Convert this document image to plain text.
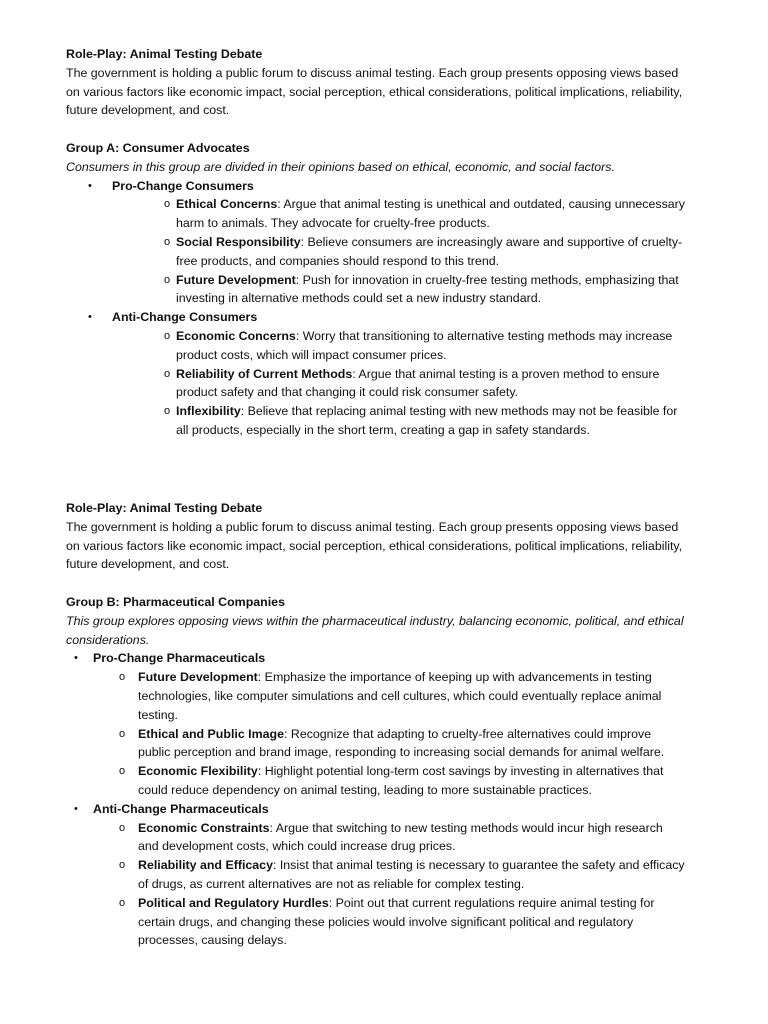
Role-Play: Animal Testing Debate

The government is holding a public forum to discuss animal testing. Each group presents opposing views based on various factors like economic impact, social perception, ethical considerations, political implications, reliability, future development, and cost.

Group A: Consumer Advocates

Consumers in this group are divided in their opinions based on ethical, economic, and social factors.

• Pro-Change Consumers
o Ethical Concerns: Argue that animal testing is unethical and outdated, causing unnecessary harm to animals. They advocate for cruelty-free products.
o Social Responsibility: Believe consumers are increasingly aware and supportive of cruelty-free products, and companies should respond to this trend.
o Future Development: Push for innovation in cruelty-free testing methods, emphasizing that investing in alternative methods could set a new industry standard.
• Anti-Change Consumers
o Economic Concerns: Worry that transitioning to alternative testing methods may increase product costs, which will impact consumer prices.
o Reliability of Current Methods: Argue that animal testing is a proven method to ensure product safety and that changing it could risk consumer safety.
o Inflexibility: Believe that replacing animal testing with new methods may not be feasible for all products, especially in the short term, creating a gap in safety standards.

Role-Play: Animal Testing Debate

The government is holding a public forum to discuss animal testing. Each group presents opposing views based on various factors like economic impact, social perception, ethical considerations, political implications, reliability, future development, and cost.

Group B: Pharmaceutical Companies

This group explores opposing views within the pharmaceutical industry, balancing economic, political, and ethical considerations.

• Pro-Change Pharmaceuticals
o Future Development: Emphasize the importance of keeping up with advancements in testing technologies, like computer simulations and cell cultures, which could eventually replace animal testing.
o Ethical and Public Image: Recognize that adapting to cruelty-free alternatives could improve public perception and brand image, responding to increasing social demands for animal welfare.
o Economic Flexibility: Highlight potential long-term cost savings by investing in alternatives that could reduce dependency on animal testing, leading to more sustainable practices.
• Anti-Change Pharmaceuticals
o Economic Constraints: Argue that switching to new testing methods would incur high research and development costs, which could increase drug prices.
o Reliability and Efficacy: Insist that animal testing is necessary to guarantee the safety and efficacy of drugs, as current alternatives are not as reliable for complex testing.
o Political and Regulatory Hurdles: Point out that current regulations require animal testing for certain drugs, and changing these policies would involve significant political and regulatory processes, causing delays.
